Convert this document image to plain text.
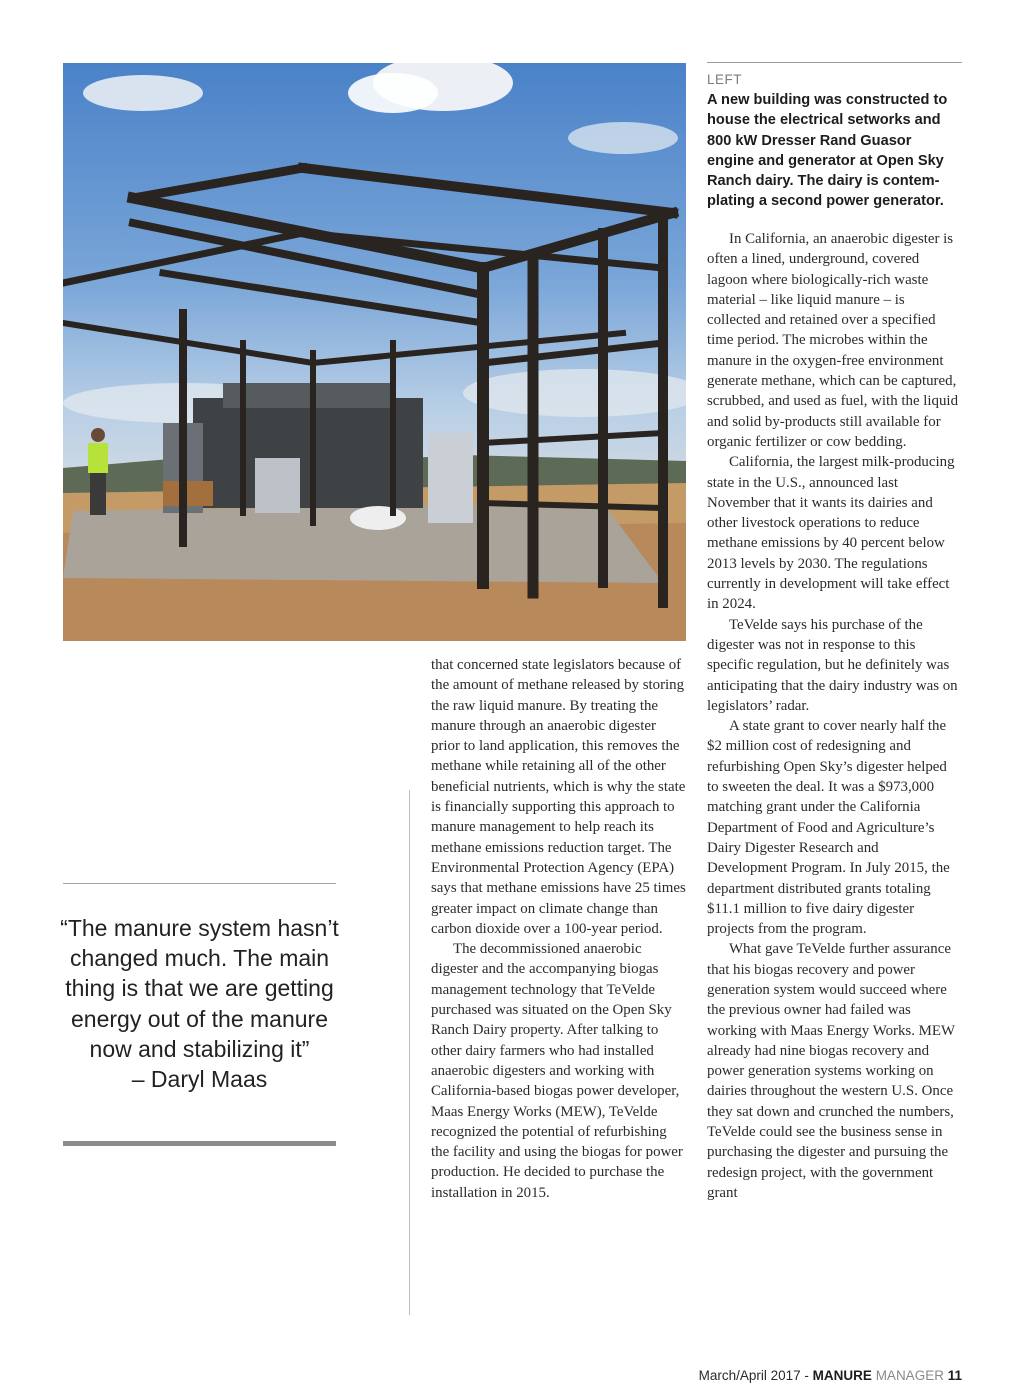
LEFT
A new building was constructed to house the electrical setworks and 800 kW Dresser Rand Guasor engine and generator at Open Sky Ranch dairy. The dairy is contem-plating a second power generator.

that concerned state legislators because of the amount of methane released by storing the raw liquid manure. By treating the manure through an anaerobic digester prior to land application, this removes the methane while retaining all of the other beneficial nutrients, which is why the state is financially supporting this approach to manure management to help reach its methane emissions reduction target. The Environmental Protection Agency (EPA) says that methane emissions have 25 times greater impact on climate change than carbon dioxide over a 100-year period.

The decommissioned anaerobic digester and the accompanying biogas management technology that TeVelde purchased was situated on the Open Sky Ranch Dairy property. After talking to other dairy farmers who had installed anaerobic digesters and working with California-based biogas power developer, Maas Energy Works (MEW), TeVelde recognized the potential of refurbishing the facility and using the biogas for power production. He decided to purchase the installation in 2015.

In California, an anaerobic digester is often a lined, underground, covered lagoon where biologically-rich waste material – like liquid manure – is collected and retained over a specified time period. The microbes within the manure in the oxygen-free environment generate methane, which can be captured, scrubbed, and used as fuel, with the liquid and solid by-products still available for organic fertilizer or cow bedding.

California, the largest milk-producing state in the U.S., announced last November that it wants its dairies and other livestock operations to reduce methane emissions by 40 percent below 2013 levels by 2030. The regulations currently in development will take effect in 2024.

TeVelde says his purchase of the digester was not in response to this specific regulation, but he definitely was anticipating that the dairy industry was on legislators’ radar.

A state grant to cover nearly half the $2 million cost of redesigning and refurbishing Open Sky’s digester helped to sweeten the deal. It was a $973,000 matching grant under the California Department of Food and Agriculture’s Dairy Digester Research and Development Program. In July 2015, the department distributed grants totaling $11.1 million to five dairy digester projects from the program.

What gave TeVelde further assurance that his biogas recovery and power generation system would succeed where the previous owner had failed was working with Maas Energy Works. MEW already had nine biogas recovery and power generation systems working on dairies throughout the western U.S. Once they sat down and crunched the numbers, TeVelde could see the business sense in purchasing the digester and pursuing the redesign project, with the government grant

“The manure system hasn’t changed much. The main thing is that we are getting energy out of the manure now and stabilizing it”
– Daryl Maas
March/April 2017 - MANURE MANAGER 11
